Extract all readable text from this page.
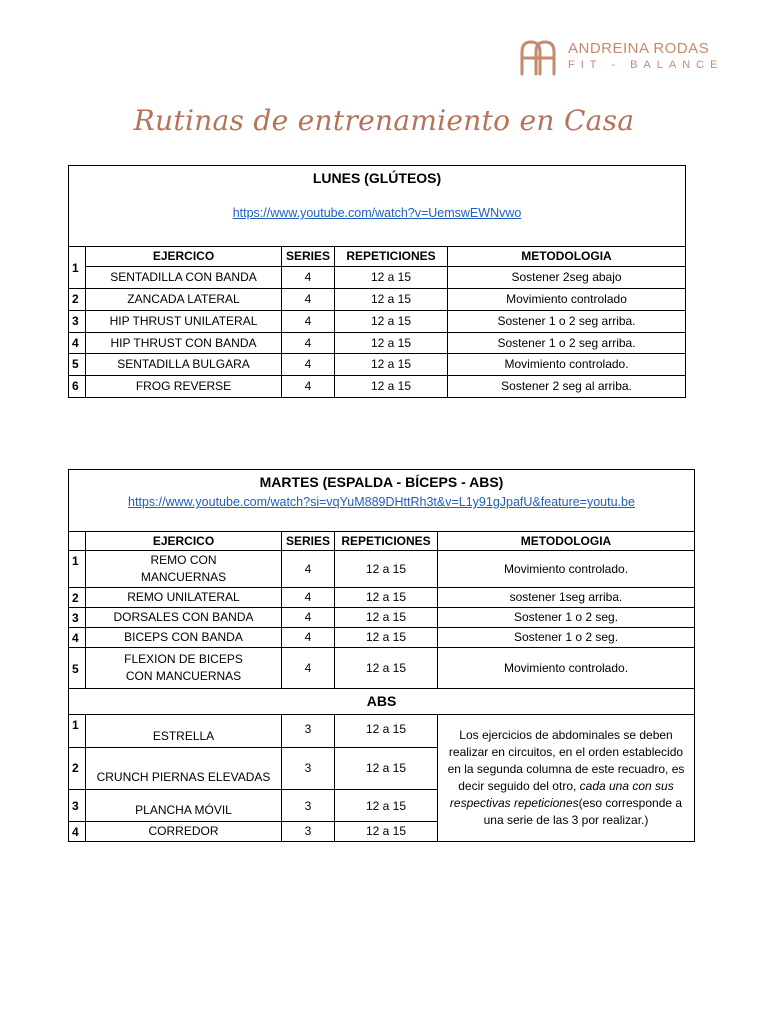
ANDREINA RODAS
FIT - BALANCE
Rutinas de entrenamiento en Casa
LUNES (GLÚTEOS)
https://www.youtube.com/watch?v=UemswEWNvwo				

1	EJERCICO	SERIES	REPETICIONES	METODOLOGIA
	SENTADILLA CON BANDA	4	12 a 15	Sostener 2seg abajo
2	ZANCADA LATERAL	4	12 a 15	Movimiento controlado
3	HIP THRUST UNILATERAL	4	12 a 15	Sostener 1 o 2 seg arriba.
4	HIP THRUST CON BANDA	4	12 a 15	Sostener 1 o 2 seg arriba.
5	SENTADILLA BULGARA	4	12 a 15	Movimiento controlado.
6	FROG REVERSE	4	12 a 15	Sostener 2 seg al arriba.
MARTES (ESPALDA - BÍCEPS - ABS)
https://www.youtube.com/watch?si=vqYuM889DHttRh3t&v=L1y91gJpafU&feature=youtu.be				

	EJERCICO	SERIES	REPETICIONES	METODOLOGIA
1	REMO CON
MANCUERNAS	4	12 a 15	Movimiento controlado.
2	REMO UNILATERAL	4	12 a 15	sostener 1seg arriba.
3	DORSALES CON BANDA	4	12 a 15	Sostener 1 o 2 seg.
4	BICEPS CON BANDA	4	12 a 15	Sostener 1 o 2 seg.
5	FLEXION DE BICEPS
CON MANCUERNAS	4	12 a 15	Movimiento controlado.
ABS				
1	ESTRELLA	3	12 a 15	Los ejercicios de abdominales se deben realizar en circuitos, en el orden establecido en la segunda columna de este recuadro, es decir seguido del otro, cada una con sus respectivas repeticiones(eso corresponde a una serie de las 3 por realizar.)
2	CRUNCH PIERNAS ELEVADAS	3	12 a 15	
3	PLANCHA MÓVIL	3	12 a 15	
4	CORREDOR	3	12 a 15	
